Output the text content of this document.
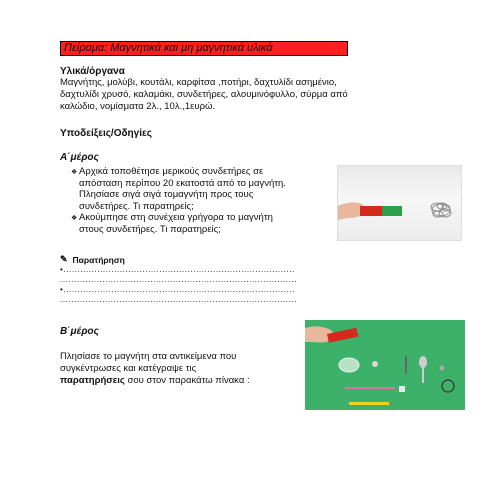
Πείραμα: Μαγνητικά και μη μαγνητικά υλικά
Υλικά/όργανα
Μαγνήτης, μολύβι, κουτάλι, καρφίτσα ,ποτήρι, δαχτυλίδι ασημένιο,
δαχτυλίδι χρυσό, καλαμάκι, συνδετήρες, αλουμινόφυλλο, σύρμα από
καλώδιο, νομίσματα 2λ., 10λ.,1ευρώ.
Υποδείξεις/Οδηγίες
Α΄μέρος
❖ Αρχικά τοποθέτησε μερικούς συνδετήρες σε
απόσταση περίπου 20 εκατοστά από το μαγνήτη.
Πλησίασε σιγά σιγά τομαγνήτη προς τους
συνδετήρες. Τι παρατηρείς;
❖ Ακούμπησε στη συνέχεια γρήγορα το μαγνήτη
στους συνδετήρες. Τι παρατηρείς;
✎ Παρατήρηση
•..................................................................................
....................................................................................
•..................................................................................
....................................................................................
Β΄μέρος
Πλησίασε το μαγνήτη στα αντικείμενα που
συγκέντρωσες και κατέγραψε τις
παρατηρήσεις σου στον παρακάτω πίνακα :
